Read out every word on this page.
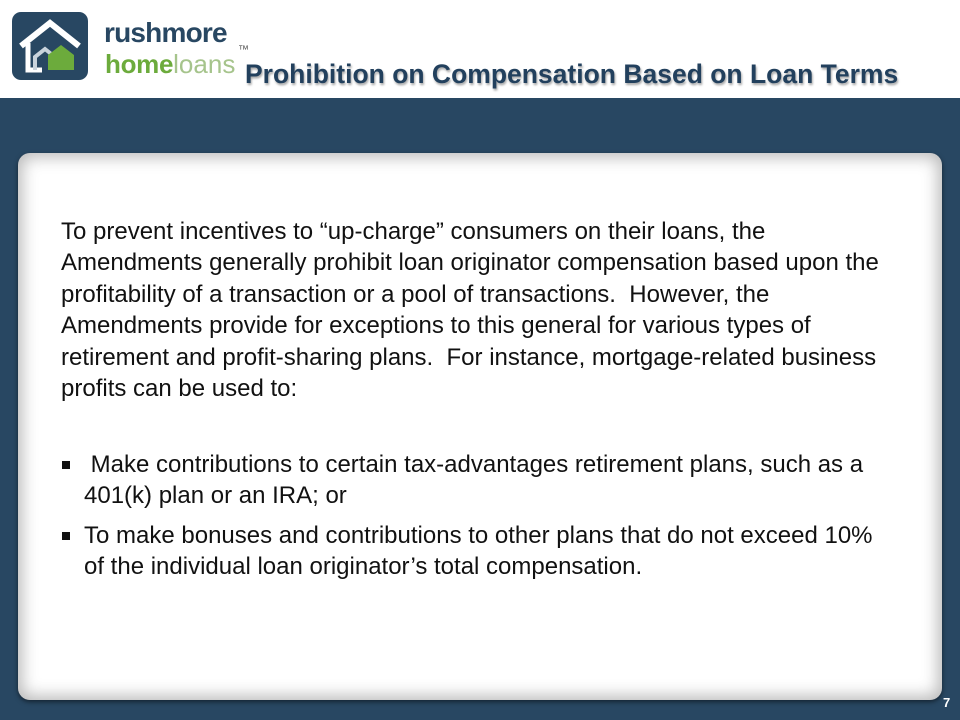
rushmore
homeloans ™
Prohibition on Compensation Based on Loan Terms
To prevent incentives to “up-charge” consumers on their loans, the
Amendments generally prohibit loan originator compensation based upon the
profitability of a transaction or a pool of transactions.  However, the
Amendments provide for exceptions to this general for various types of
retirement and profit-sharing plans.  For instance, mortgage-related business
profits can be used to:
Make contributions to certain tax-advantages retirement plans, such as a
401(k) plan or an IRA; or
To make bonuses and contributions to other plans that do not exceed 10%
of the individual loan originator’s total compensation.
7
